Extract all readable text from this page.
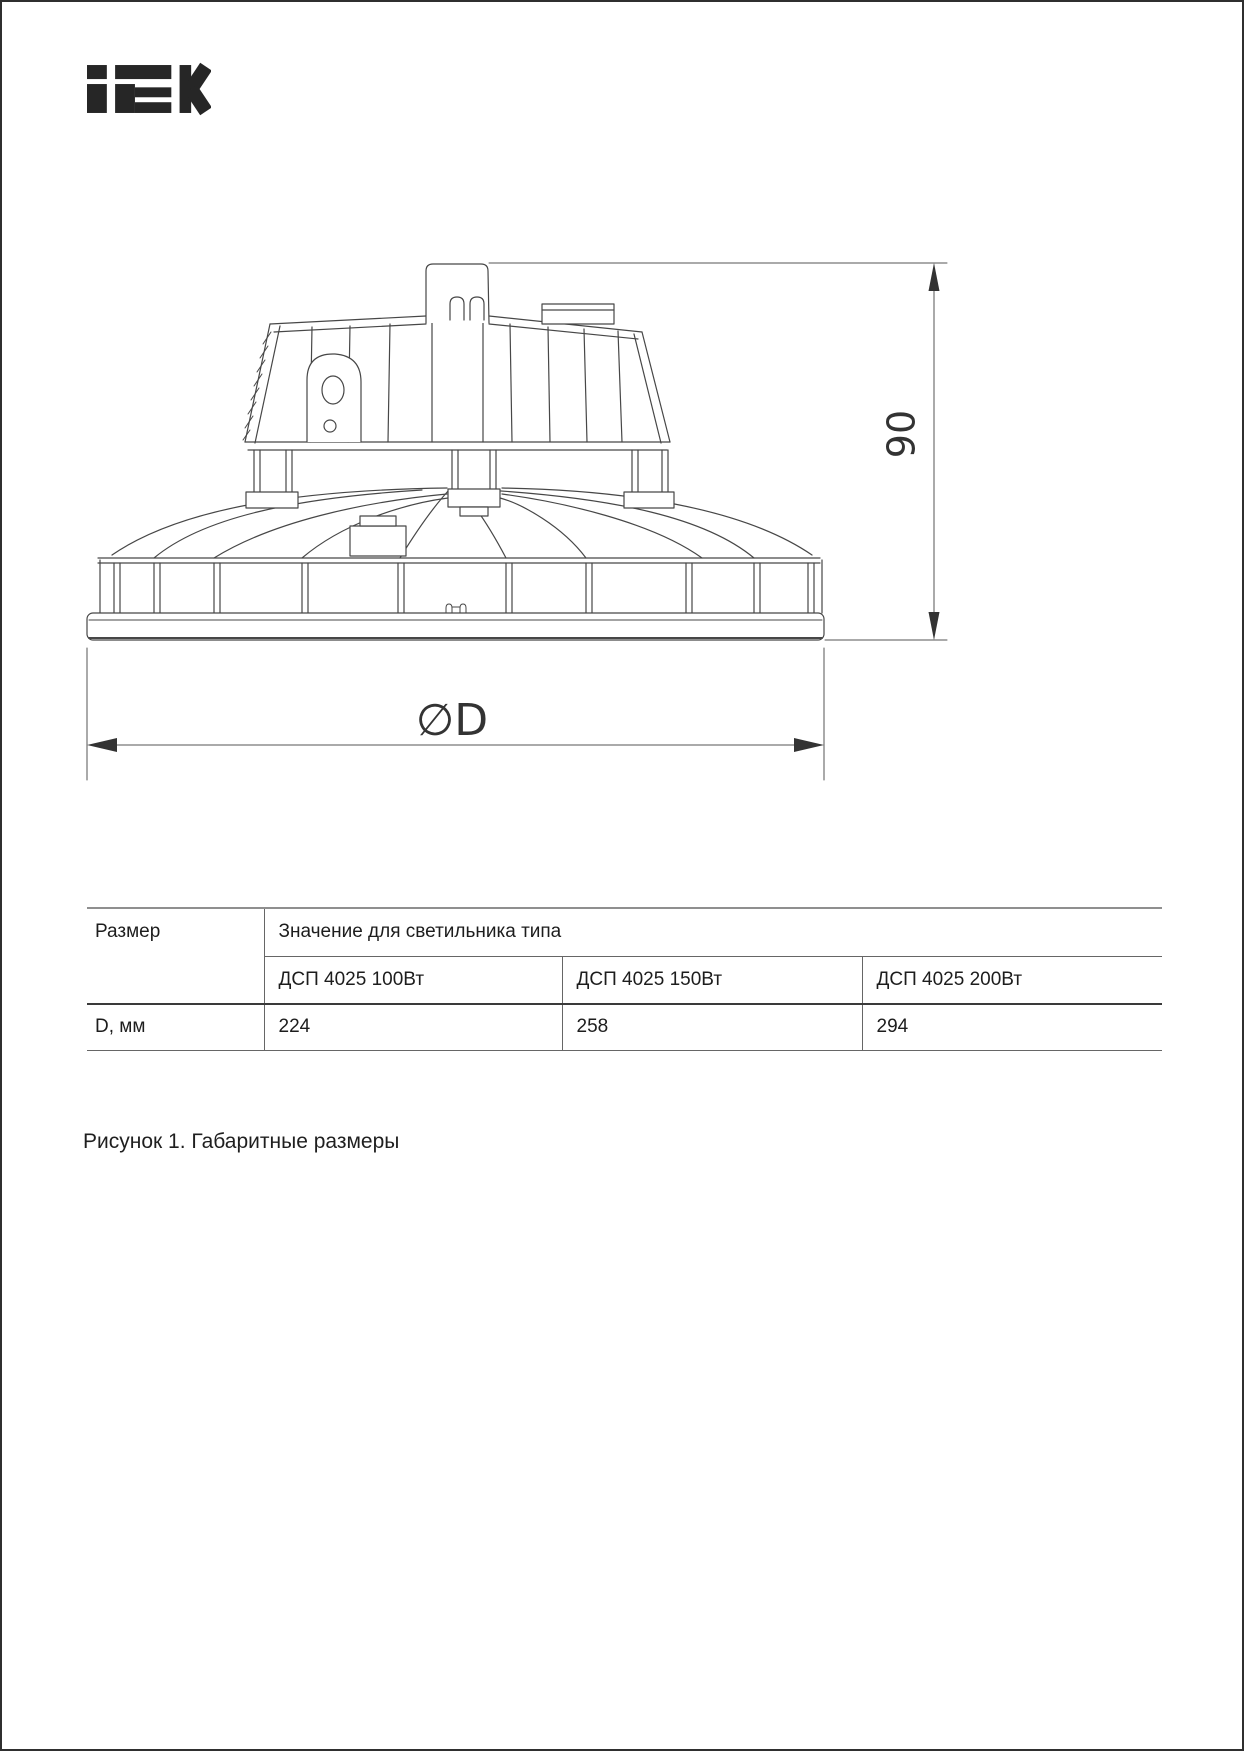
90
∅D
Размер	Значение для светильника типа		
	ДСП 4025 100Вт	ДСП 4025 150Вт	ДСП 4025 200Вт
D, мм	224	258	294
Рисунок 1. Габаритные размеры
